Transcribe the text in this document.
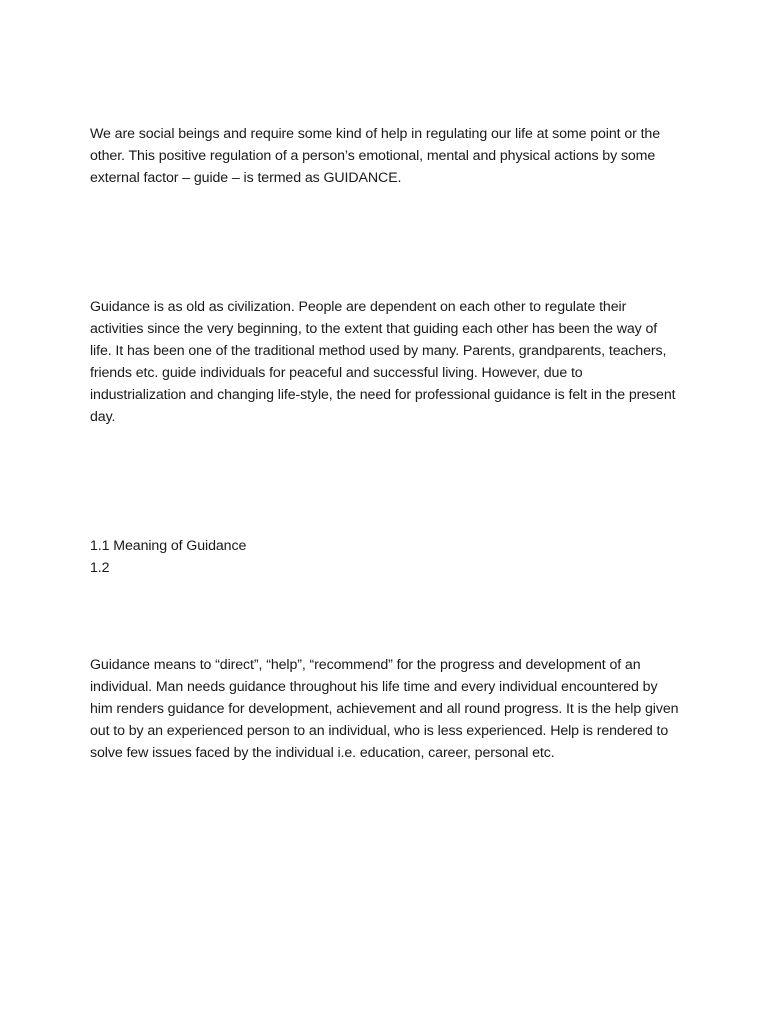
We are social beings and require some kind of help in regulating our life at some point or the other. This positive regulation of a person’s emotional, mental and physical actions by some external factor – guide – is termed as GUIDANCE.

Guidance is as old as civilization. People are dependent on each other to regulate their activities since the very beginning, to the extent that guiding each other has been the way of life. It has been one of the traditional method used by many. Parents, grandparents, teachers, friends etc. guide individuals for peaceful and successful living. However, due to industrialization and changing life-style, the need for professional guidance is felt in the present day.

1.1 Meaning of Guidance
1.2

Guidance means to “direct”, “help”, “recommend” for the progress and development of an individual. Man needs guidance throughout his life time and every individual encountered by him renders guidance for development, achievement and all round progress. It is the help given out to by an experienced person to an individual, who is less experienced. Help is rendered to solve few issues faced by the individual i.e. education, career, personal etc.
